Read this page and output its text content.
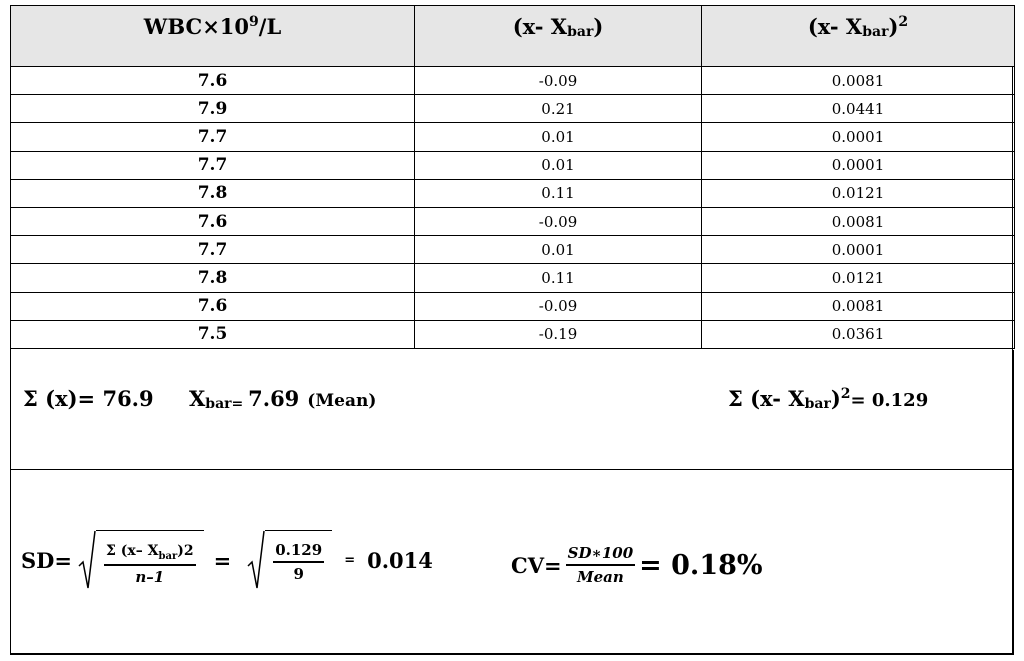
$WBC\times 10^9/L$	(x- $X_{bar}$)	(x- $X_{bar})^2$
7.6	-0.09	0.0081
7.9	0.21	0.0441
7.7	0.01	0.0001
7.7	0.01	0.0001
7.8	0.11	0.0121
7.6	-0.09	0.0081
7.7	0.01	0.0001
7.8	0.11	0.0121
7.6	-0.09	0.0081
7.5	-0.19	0.0361
Σ (x)= 76.9 $X_{bar=}$ 7.69 (Mean)	Σ (x- $X_{bar})^2= 0.129$
$SD= \frac{\Sigma (x- X_{bar})2}{n-1}$ =	$\frac{0.129}{9} = 0.014$	$CV= \frac{SD∗100}{\text{Mean}} = 0.18\%$
